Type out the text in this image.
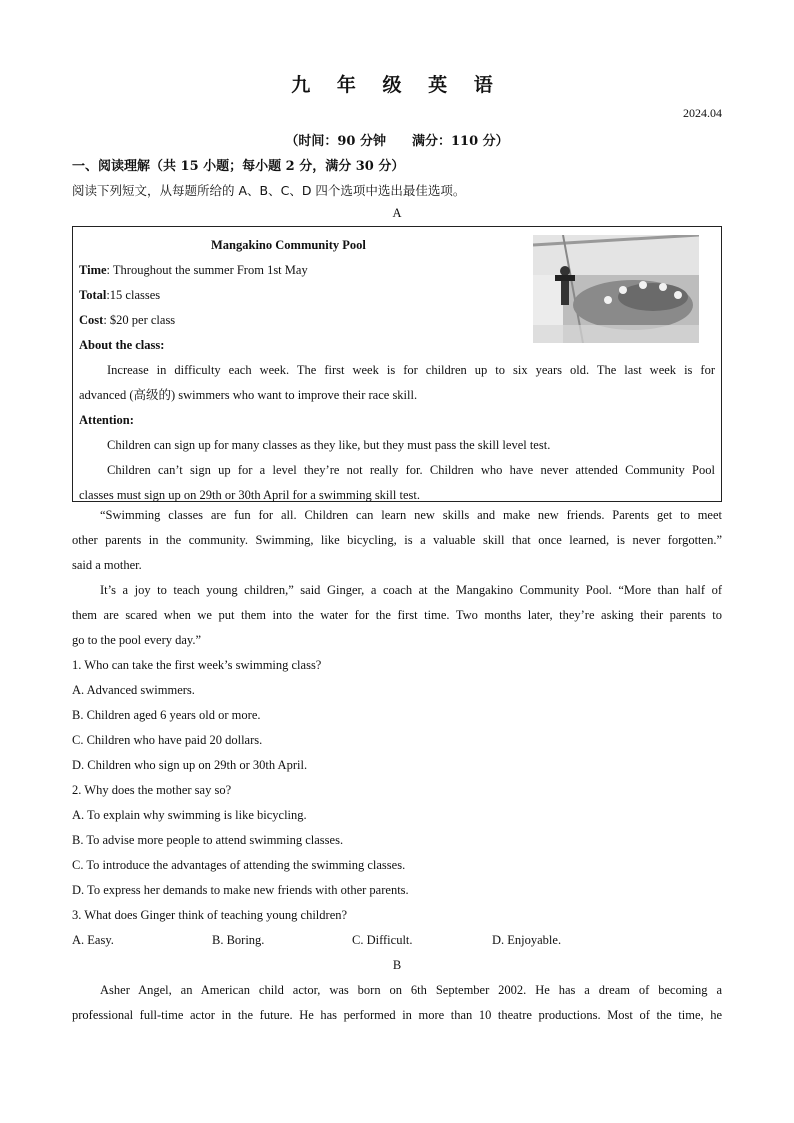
九 年 级 英 语
2024.04
（时间：90 分钟　　满分：110 分）
一、阅读理解（共 15 小题；每小题 2 分，满分 30 分）
阅读下列短文，从每题所给的 A、B、C、D 四个选项中选出最佳选项。
A
Mangakino Community Pool
Time: Throughout the summer From 1st May
Total:15 classes
Cost: $20 per class
About the class:
Increase in difficulty each week. The first week is for children up to six years old. The last week is for
advanced (高级的) swimmers who want to improve their race skill.
Attention:
Children can sign up for many classes as they like, but they must pass the skill level test.
Children can’t sign up for a level they’re not really for. Children who have never attended Community Pool
classes must sign up on 29th or 30th April for a swimming skill test.
“Swimming classes are fun for all. Children can learn new skills and make new friends. Parents get to meet
other parents in the community. Swimming, like bicycling, is a valuable skill that once learned, is never forgotten.”
said a mother.
It’s a joy to teach young children,” said Ginger, a coach at the Mangakino Community Pool. “More than half of
them are scared when we put them into the water for the first time. Two months later, they’re asking their parents to
go to the pool every day.”
1. Who can take the first week’s swimming class?
A. Advanced swimmers.
B. Children aged 6 years old or more.
C. Children who have paid 20 dollars.
D. Children who sign up on 29th or 30th April.
2. Why does the mother say so?
A. To explain why swimming is like bicycling.
B. To advise more people to attend swimming classes.
C. To introduce the advantages of attending the swimming classes.
D. To express her demands to make new friends with other parents.
3. What does Ginger think of teaching young children?
A. Easy.	B. Boring.	C. Difficult.	D. Enjoyable.
B
Asher Angel, an American child actor, was born on 6th September 2002. He has a dream of becoming a
professional full-time actor in the future. He has performed in more than 10 theatre productions. Most of the time, he
